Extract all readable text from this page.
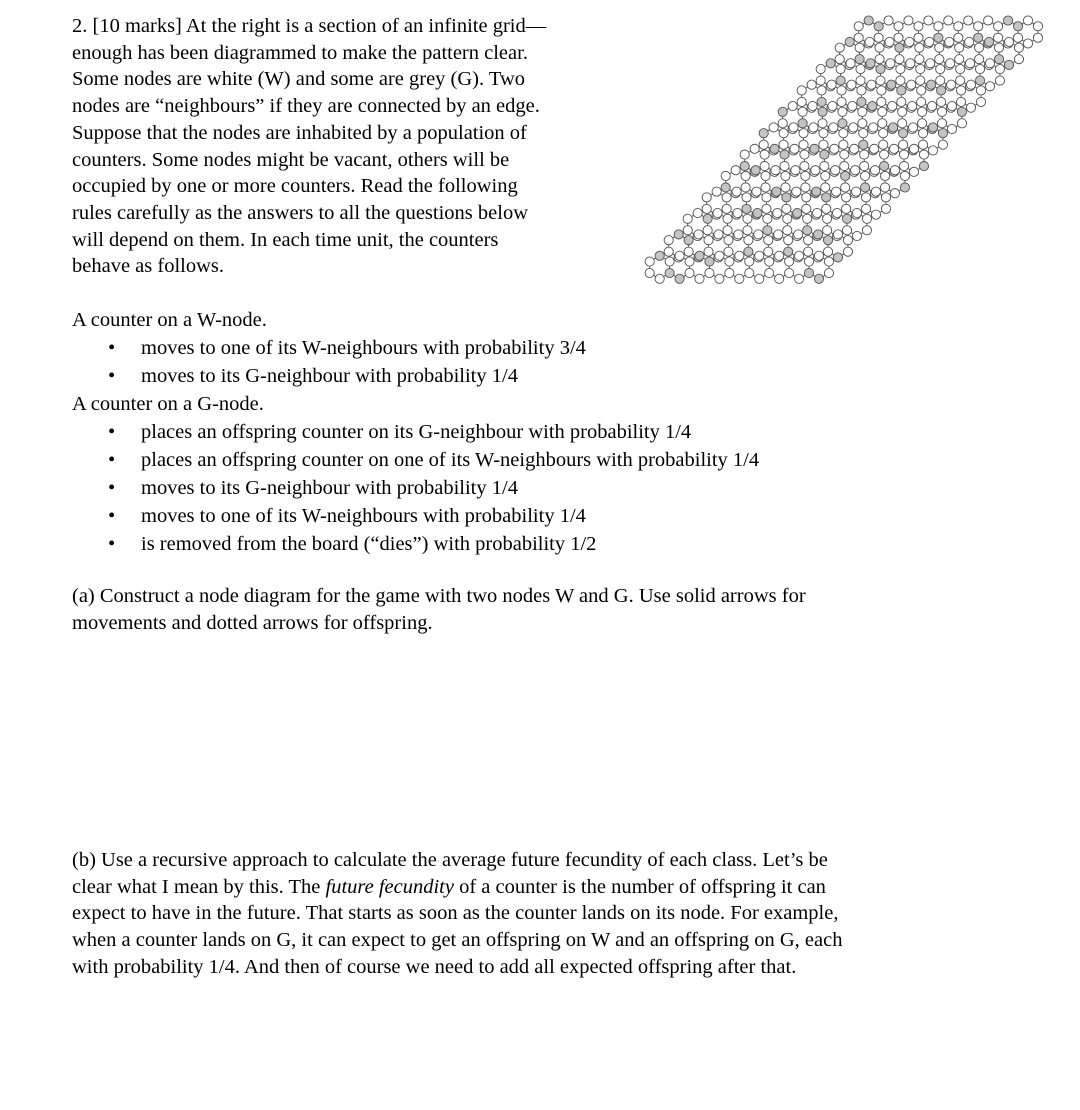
2. [10 marks] At the right is a section of an infinite grid—
enough has been diagrammed to make the pattern clear.
Some nodes are white (W) and some are grey (G). Two
nodes are “neighbours” if they are connected by an edge.
Suppose that the nodes are inhabited by a population of
counters. Some nodes might be vacant, others will be
occupied by one or more counters. Read the following
rules carefully as the answers to all the questions below
will depend on them. In each time unit, the counters
behave as follows.
A counter on a W-node.
• moves to one of its W-neighbours with probability 3/4
• moves to its G-neighbour with probability 1/4
A counter on a G-node.
• places an offspring counter on its G-neighbour with probability 1/4
• places an offspring counter on one of its W-neighbours with probability 1/4
• moves to its G-neighbour with probability 1/4
• moves to one of its W-neighbours with probability 1/4
• is removed from the board (“dies”) with probability 1/2
(a) Construct a node diagram for the game with two nodes W and G. Use solid arrows for
movements and dotted arrows for offspring.
(b) Use a recursive approach to calculate the average future fecundity of each class. Let’s be
clear what I mean by this. The future fecundity of a counter is the number of offspring it can
expect to have in the future. That starts as soon as the counter lands on its node. For example,
when a counter lands on G, it can expect to get an offspring on W and an offspring on G, each
with probability 1/4. And then of course we need to add all expected offspring after that.
